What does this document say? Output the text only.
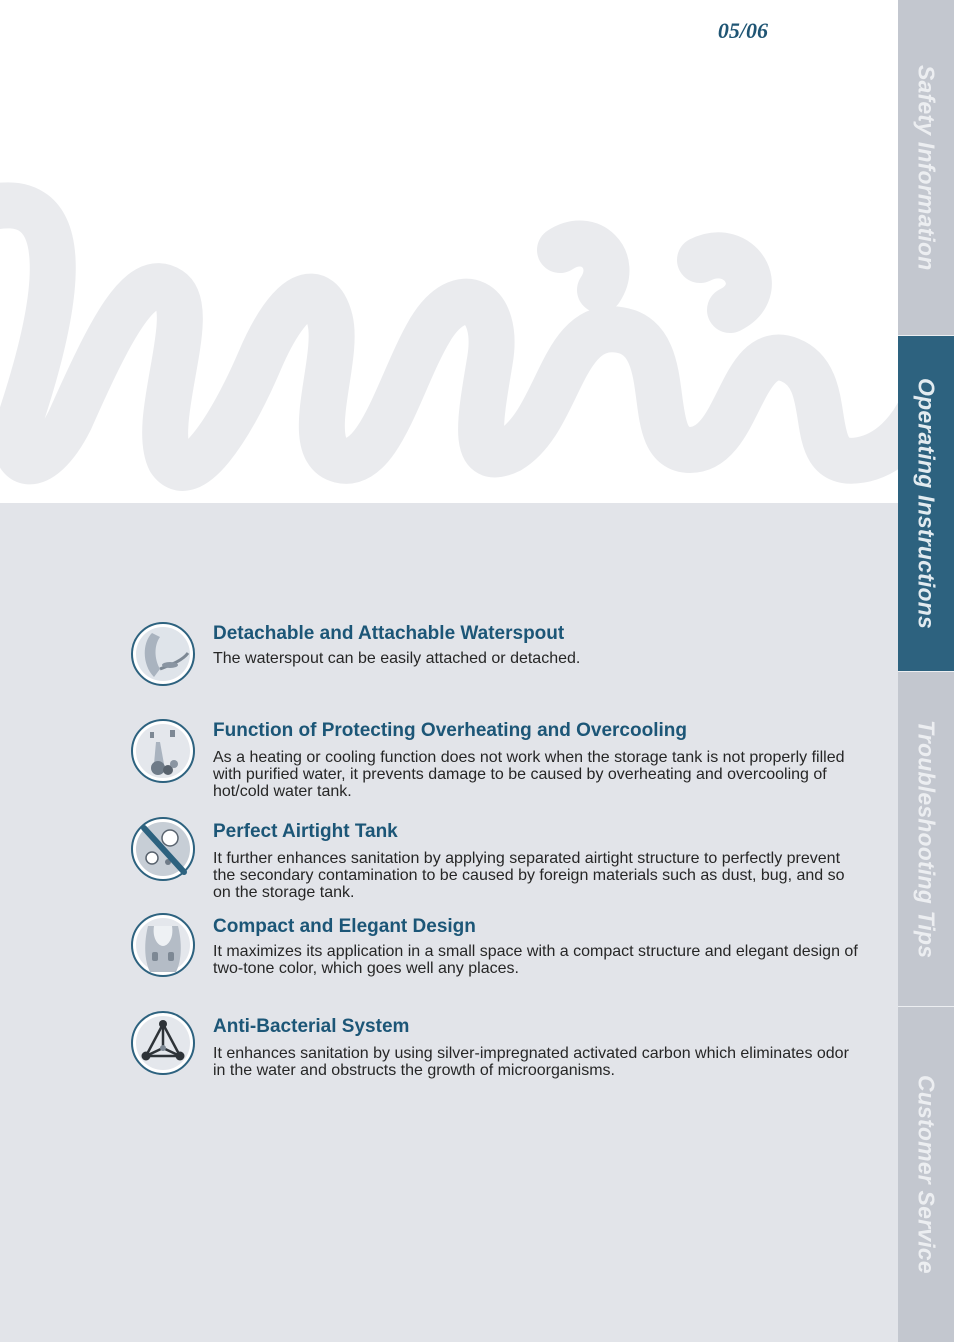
05/06
Safety Information
Operating Instructions
Troubleshooting Tips
Customer Service
Detachable and Attachable Waterspout
The waterspout can be easily attached or detached.
Function of Protecting Overheating and Overcooling
As a heating or cooling function does not work when the storage tank is not properly filled with purified water, it prevents damage to be caused by overheating and overcooling of hot/cold water tank.
Perfect Airtight Tank
It further enhances sanitation by applying separated airtight structure to perfectly prevent the secondary contamination to be caused by foreign materials such as dust, bug, and so on the storage tank.
Compact and Elegant Design
It maximizes its application in a small space with a compact structure and elegant design of two-tone color, which goes well any places.
Anti-Bacterial System
It enhances sanitation by using silver-impregnated activated carbon which eliminates odor in the water and obstructs the growth of microorganisms.
